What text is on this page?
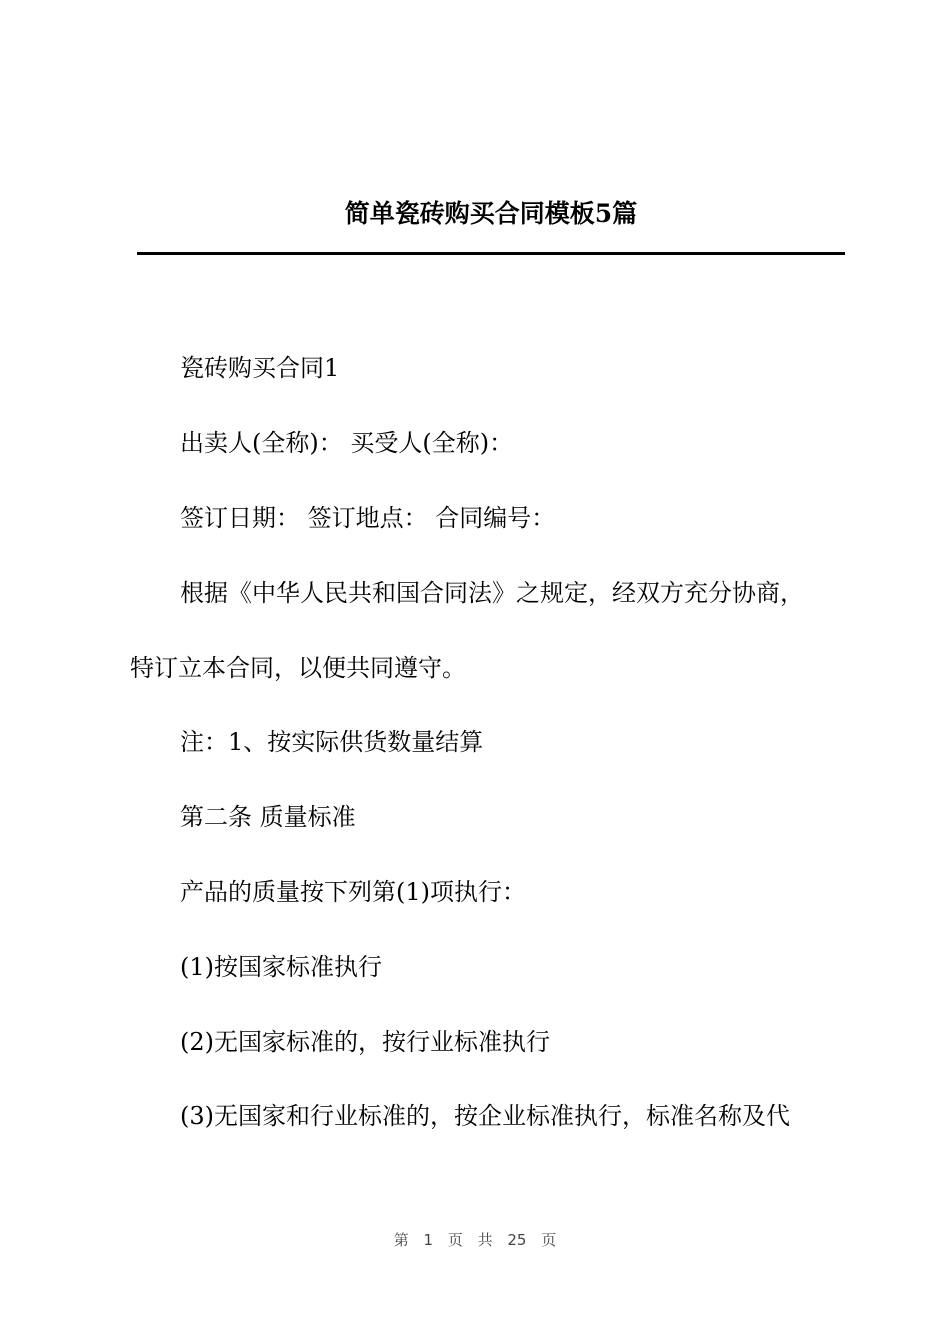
简单瓷砖购买合同模板5篇
瓷砖购买合同1
出卖人(全称)： 买受人(全称)：
签订日期： 签订地点： 合同编号：
根据《中华人民共和国合同法》之规定，经双方充分协商，
特订立本合同，以便共同遵守。
注：1、按实际供货数量结算
第二条 质量标准
产品的质量按下列第(1)项执行：
(1)按国家标准执行
(2)无国家标准的，按行业标准执行
(3)无国家和行业标准的，按企业标准执行，标准名称及代
第 1 页 共 25 页
